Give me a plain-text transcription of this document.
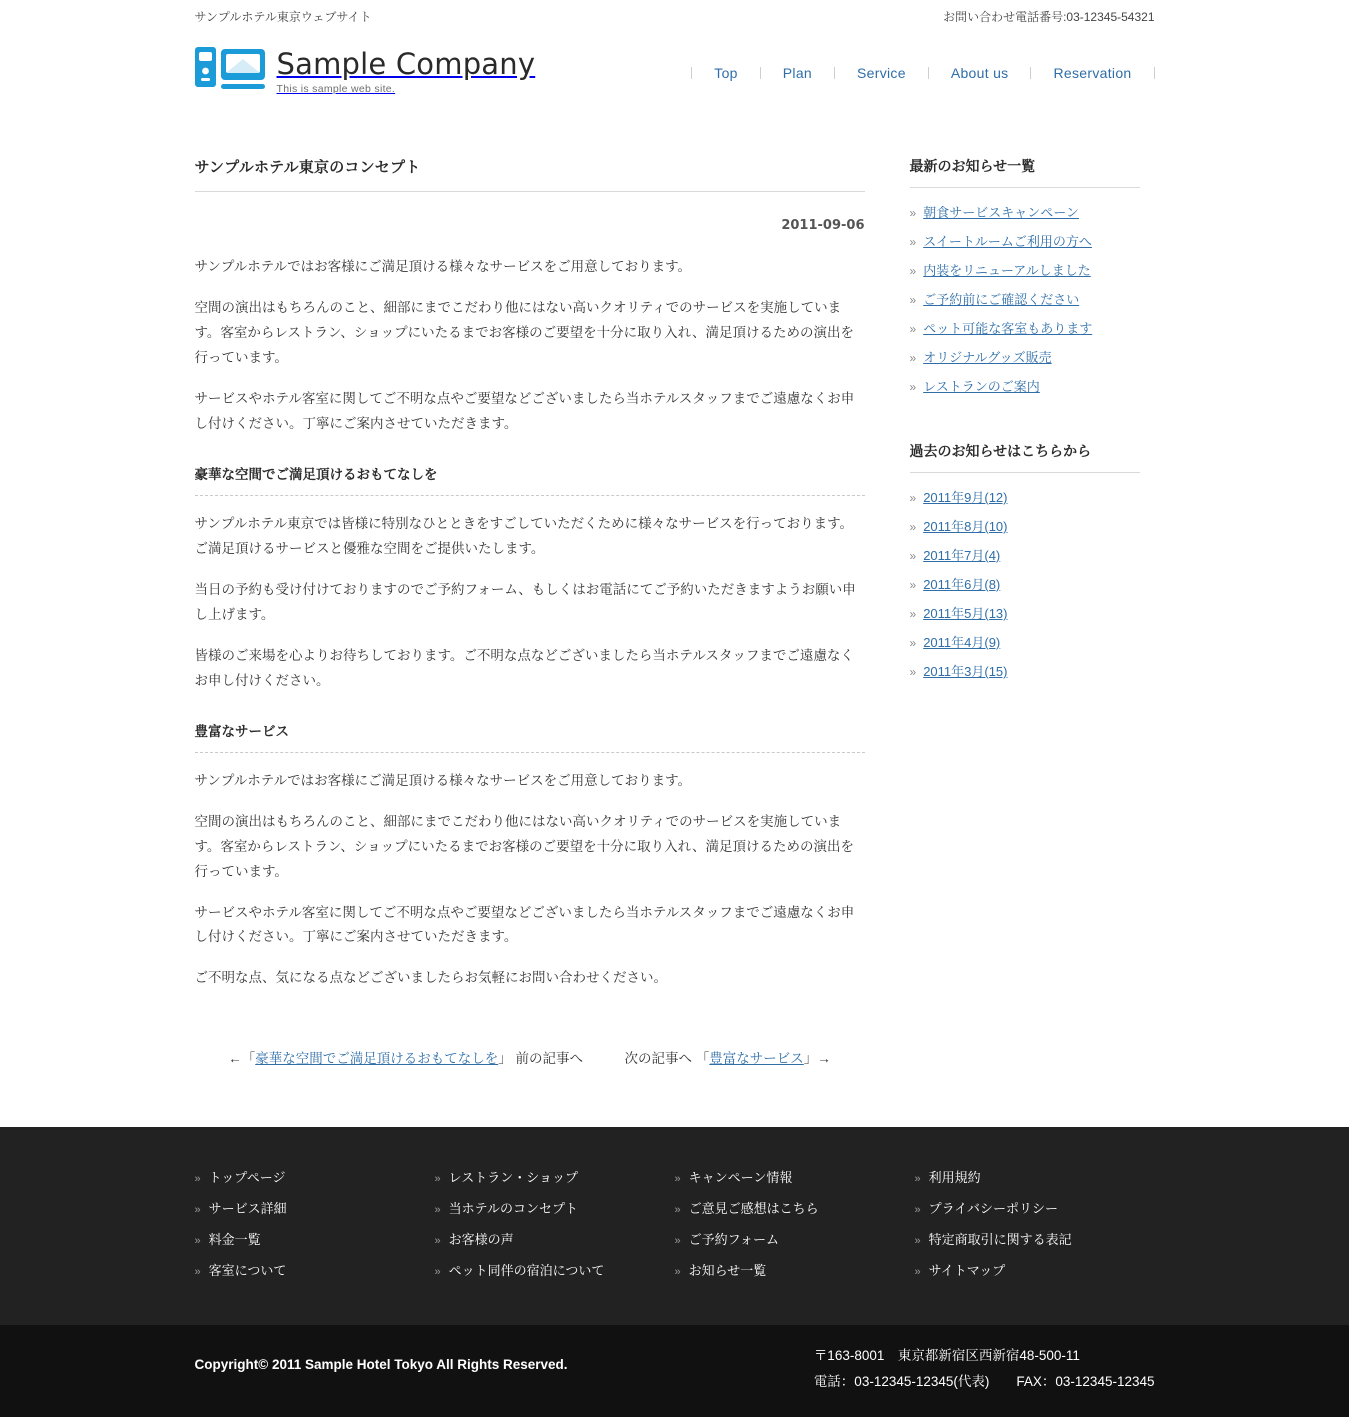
サンプルホテル東京ウェブサイト	お問い合わせ電話番号:03-12345-54321
Sample Company
This is sample web site.
Top	Plan	Service	About us	Reservation
サンプルホテル東京のコンセプト
2011-09-06

サンプルホテルではお客様にご満足頂ける様々なサービスをご用意しております。

空間の演出はもちろんのこと、細部にまでこだわり他にはない高いクオリティでのサービスを実施しています。客室からレストラン、ショップにいたるまでお客様のご要望を十分に取り入れ、満足頂けるための演出を行っています。

サービスやホテル客室に関してご不明な点やご要望などございましたら当ホテルスタッフまでご遠慮なくお申し付けください。丁寧にご案内させていただきます。

豪華な空間でご満足頂けるおもてなしを

サンプルホテル東京では皆様に特別なひとときをすごしていただくために様々なサービスを行っております。ご満足頂けるサービスと優雅な空間をご提供いたします。

当日の予約も受け付けておりますのでご予約フォーム、もしくはお電話にてご予約いただきますようお願い申し上げます。

皆様のご来場を心よりお待ちしております。ご不明な点などございましたら当ホテルスタッフまでご遠慮なくお申し付けください。

豊富なサービス

サンプルホテルではお客様にご満足頂ける様々なサービスをご用意しております。

空間の演出はもちろんのこと、細部にまでこだわり他にはない高いクオリティでのサービスを実施しています。客室からレストラン、ショップにいたるまでお客様のご要望を十分に取り入れ、満足頂けるための演出を行っています。

サービスやホテル客室に関してご不明な点やご要望などございましたら当ホテルスタッフまでご遠慮なくお申し付けください。丁寧にご案内させていただきます。

ご不明な点、気になる点などございましたらお気軽にお問い合わせください。

←「豪華な空間でご満足頂けるおもてなしを」 前の記事へ	次の記事へ 「豊富なサービス」→
最新のお知らせ一覧
» 朝食サービスキャンペーン
» スイートルームご利用の方へ
» 内装をリニューアルしました
» ご予約前にご確認ください
» ペット可能な客室もあります
» オリジナルグッズ販売
» レストランのご案内
過去のお知らせはこちらから
» 2011年9月(12)
» 2011年8月(10)
» 2011年7月(4)
» 2011年6月(8)
» 2011年5月(13)
» 2011年4月(9)
» 2011年3月(15)
» トップページ
» サービス詳細
» 料金一覧
» 客室について
» レストラン・ショップ
» 当ホテルのコンセプト
» お客様の声
» ペット同伴の宿泊について
» キャンペーン情報
» ご意見ご感想はこちら
» ご予約フォーム
» お知らせ一覧
» 利用規約
» プライバシーポリシー
» 特定商取引に関する表記
» サイトマップ
Copyright© 2011 Sample Hotel Tokyo All Rights Reserved.
〒163-8001　東京都新宿区西新宿48-500-11
電話：03-12345-12345(代表)　　FAX：03-12345-12345
